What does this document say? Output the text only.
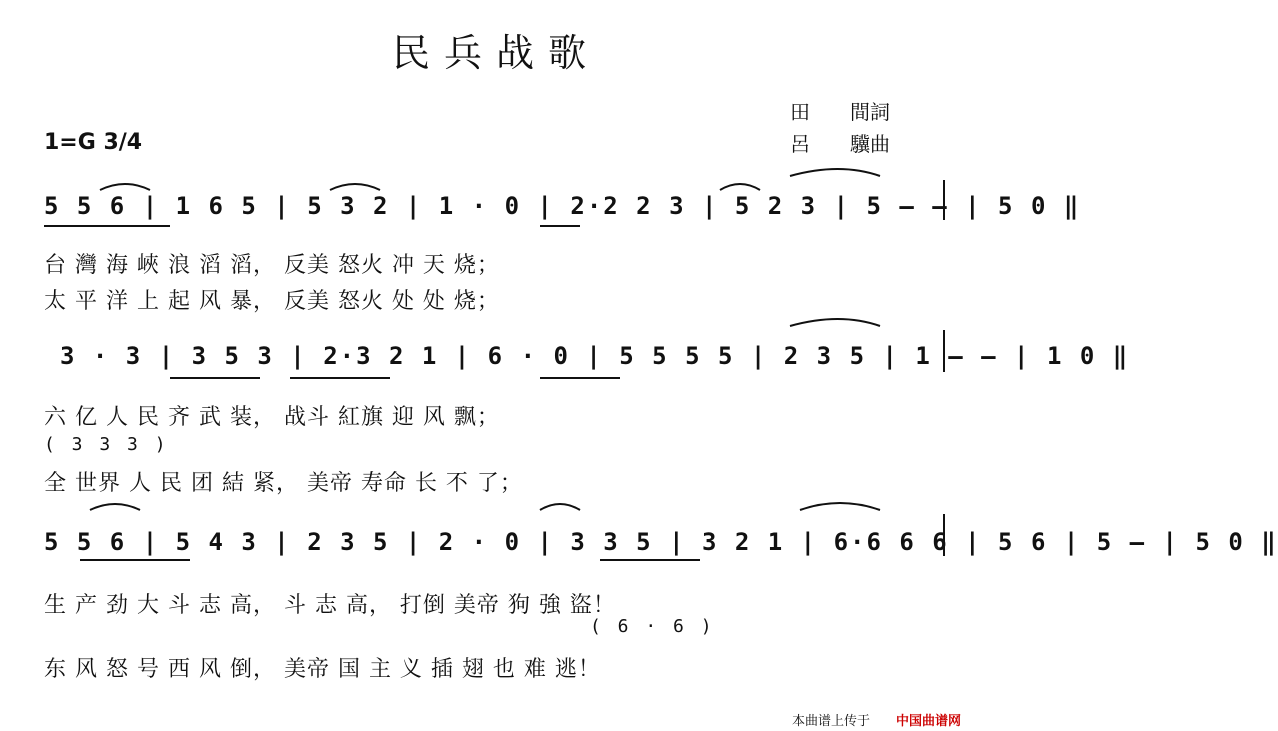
民兵战歌
田　　間詞
呂　　驥曲
1=G 3/4
5 5 6 | 1 6 5 | 5 3 2 | 1 · 0 | 2·2 2 3 | 5 2 3 | 5 — — | 5 0 ‖
台 灣 海 峽 浪 滔 滔， 反美 怒火 冲 天 烧；
太 平 洋 上 起 风 暴， 反美 怒火 处 处 烧；
3 · 3 | 3 5 3 | 2·3 2 1 | 6 · 0 | 5 5 5 5 | 2 3 5 | 1 — — | 1 0 ‖
六 亿 人 民 齐 武 装， 战斗 紅旗 迎 风 飘；
( 3 3 3 )
全 世界 人 民 团 結 紧， 美帝 寿命 长 不 了；
5 5 6 | 5 4 3 | 2 3 5 | 2 · 0 | 3 3 5 | 3 2 1 | 6·6 6 6 | 5 6 | 5 — | 5 0 ‖
生 产 劲 大 斗 志 高， 斗 志 高， 打倒 美帝 狗 強 盜！
( 6 · 6 )
东 风 怒 号 西 风 倒， 美帝 国 主 义 插 翅 也 难 逃！
本曲谱上传于 中国曲谱网
